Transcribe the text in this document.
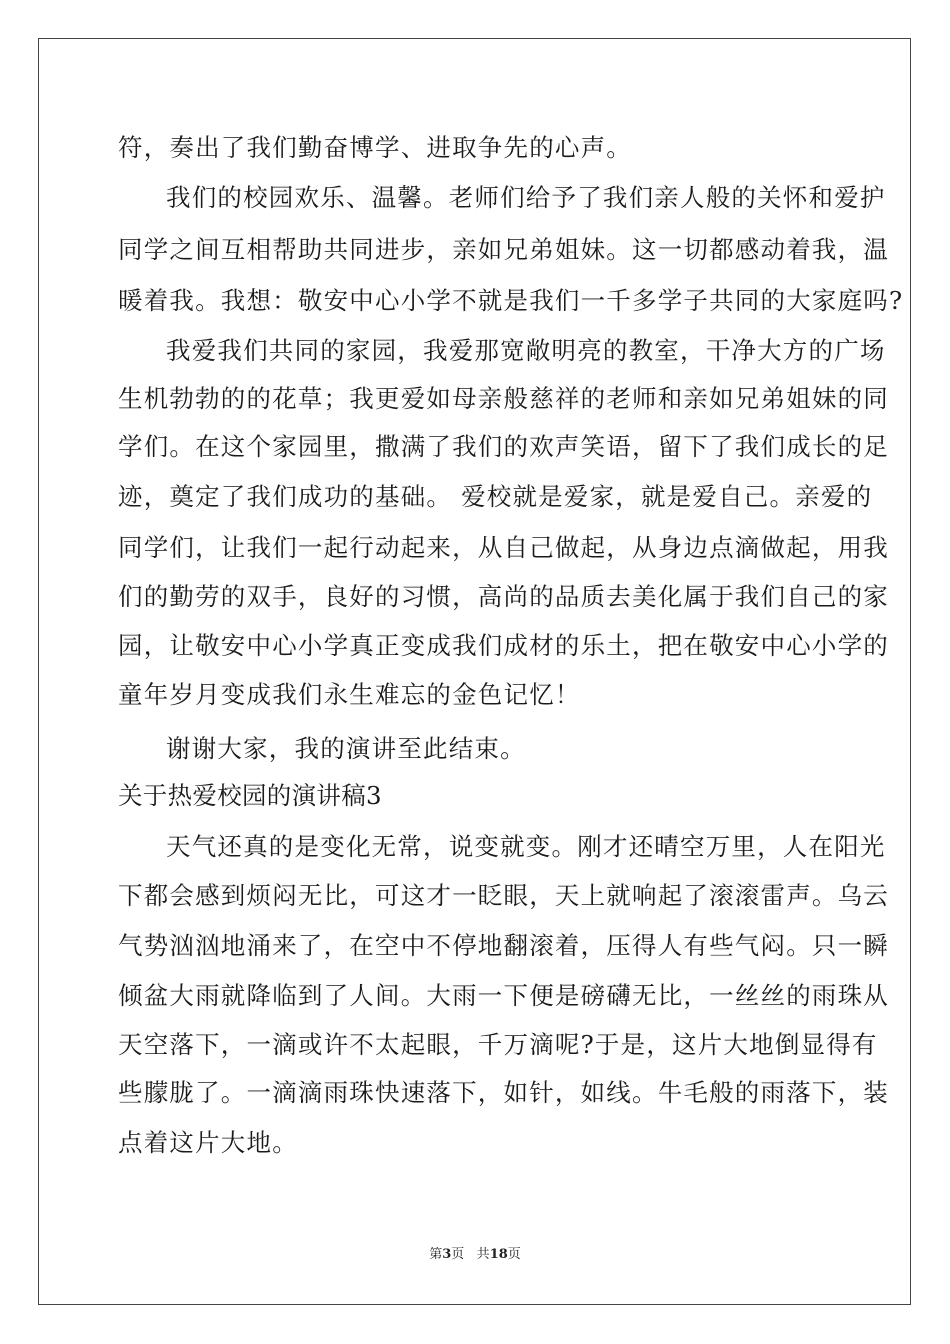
符，奏出了我们勤奋博学、进取争先的心声。
我们的校园欢乐、温馨。老师们给予了我们亲人般的关怀和爱护
同学之间互相帮助共同进步，亲如兄弟姐妹。这一切都感动着我，温
暖着我。我想：敬安中心小学不就是我们一千多学子共同的大家庭吗?
我爱我们共同的家园，我爱那宽敞明亮的教室，干净大方的广场
生机勃勃的的花草；我更爱如母亲般慈祥的老师和亲如兄弟姐妹的同
学们。在这个家园里，撒满了我们的欢声笑语，留下了我们成长的足
迹，奠定了我们成功的基础。 爱校就是爱家，就是爱自己。亲爱的
同学们，让我们一起行动起来，从自己做起，从身边点滴做起，用我
们的勤劳的双手，良好的习惯，高尚的品质去美化属于我们自己的家
园，让敬安中心小学真正变成我们成材的乐土，把在敬安中心小学的
童年岁月变成我们永生难忘的金色记忆！
谢谢大家，我的演讲至此结束。
关于热爱校园的演讲稿3
天气还真的是变化无常，说变就变。刚才还晴空万里，人在阳光
下都会感到烦闷无比，可这才一眨眼，天上就响起了滚滚雷声。乌云
气势汹汹地涌来了，在空中不停地翻滚着，压得人有些气闷。只一瞬
倾盆大雨就降临到了人间。大雨一下便是磅礴无比，一丝丝的雨珠从
天空落下，一滴或许不太起眼，千万滴呢?于是，这片大地倒显得有
些朦胧了。一滴滴雨珠快速落下，如针，如线。牛毛般的雨落下，装
点着这片大地。
第3页 共18页
